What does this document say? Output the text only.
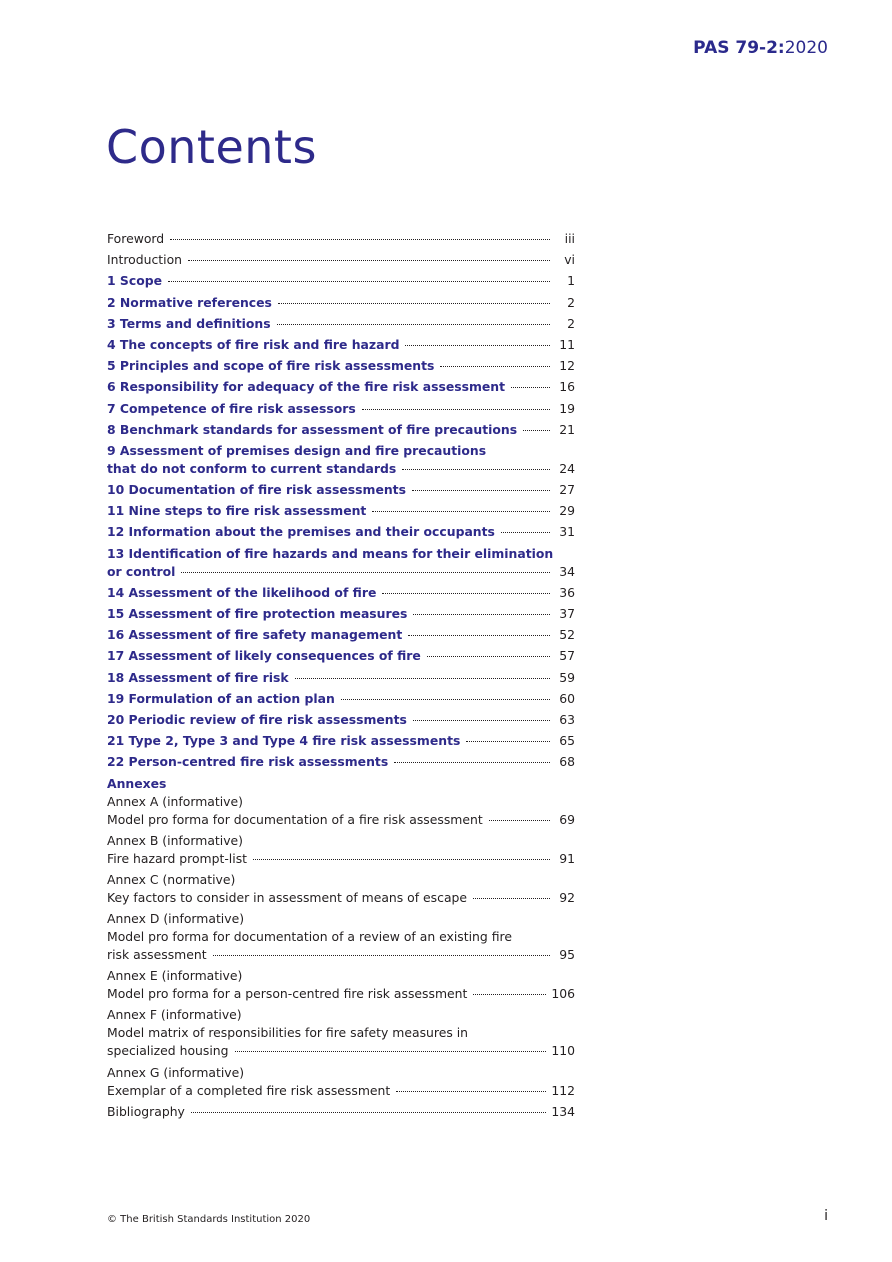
PAS 79-2:2020
Contents
Foreword	iii
Introduction	vi
1 Scope	1
2 Normative references	2
3 Terms and definitions	2
4 The concepts of fire risk and fire hazard	11
5 Principles and scope of fire risk assessments	12
6 Responsibility for adequacy of the fire risk assessment	16
7 Competence of fire risk assessors	19
8 Benchmark standards for assessment of fire precautions	21
9 Assessment of premises design and fire precautions
that do not conform to current standards	24
10 Documentation of fire risk assessments	27
11 Nine steps to fire risk assessment	29
12 Information about the premises and their occupants	31
13 Identification of fire hazards and means for their elimination
or control	34
14 Assessment of the likelihood of fire	36
15 Assessment of fire protection measures	37
16 Assessment of fire safety management	52
17 Assessment of likely consequences of fire	57
18 Assessment of fire risk	59
19 Formulation of an action plan	60
20 Periodic review of fire risk assessments	63
21 Type 2, Type 3 and Type 4 fire risk assessments	65
22 Person-centred fire risk assessments	68
Annexes
Annex A (informative)
Model pro forma for documentation of a fire risk assessment	69
Annex B (informative)
Fire hazard prompt-list	91
Annex C (normative)
Key factors to consider in assessment of means of escape	92
Annex D (informative)
Model pro forma for documentation of a review of an existing fire
risk assessment	95
Annex E (informative)
Model pro forma for a person-centred fire risk assessment	106
Annex F (informative)
Model matrix of responsibilities for fire safety measures in
specialized housing	110
Annex G (informative)
Exemplar of a completed fire risk assessment	112
Bibliography	134
© The British Standards Institution 2020	i
